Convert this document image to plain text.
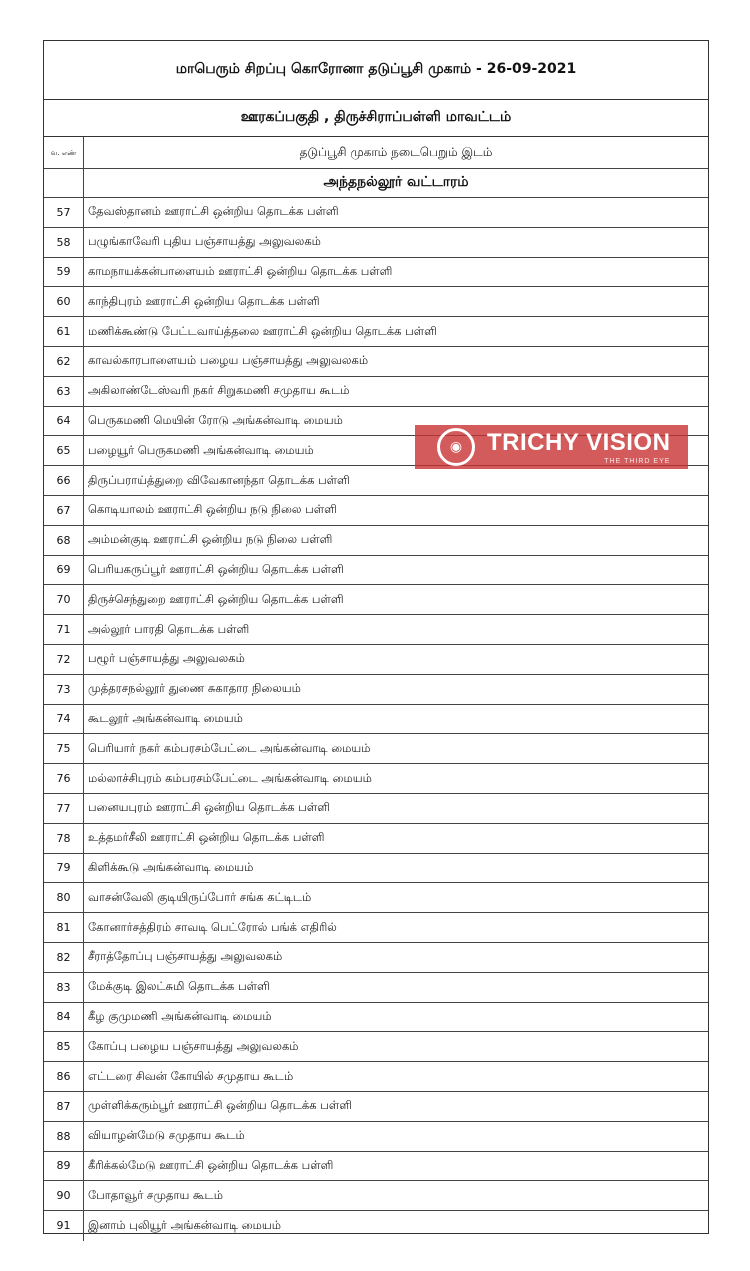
மாபெரும் சிறப்பு கொரோனா தடுப்பூசி முகாம் - 26-09-2021
ஊரகப்பகுதி , திருச்சிராப்பள்ளி மாவட்டம்
வ. எண்	தடுப்பூசி முகாம் நடைபெறும் இடம்
அந்தநல்லூர் வட்டாரம்
57	தேவஸ்தானம் ஊராட்சி ஒன்றிய தொடக்க பள்ளி
58	பழுங்காவேரி புதிய பஞ்சாயத்து அலுவலகம்
59	காமநாயக்கன்பாளையம் ஊராட்சி ஒன்றிய தொடக்க பள்ளி
60	காந்திபுரம் ஊராட்சி ஒன்றிய தொடக்க பள்ளி
61	மணிக்கூண்டு பேட்டவாய்த்தலை ஊராட்சி ஒன்றிய தொடக்க பள்ளி
62	காவல்காரபாளையம் பழைய பஞ்சாயத்து அலுவலகம்
63	அகிலாண்டேஸ்வரி நகர் சிறுகமணி சமுதாய கூடம்
64	பெருகமணி மெயின் ரோடு அங்கன்வாடி மையம்
65	பழையூர் பெருகமணி அங்கன்வாடி மையம்
66	திருப்பராய்த்துறை விவேகானந்தா தொடக்க பள்ளி
67	கொடியாலம் ஊராட்சி ஒன்றிய நடு நிலை பள்ளி
68	அம்மன்குடி ஊராட்சி ஒன்றிய நடு நிலை பள்ளி
69	பெரியகருப்பூர் ஊராட்சி ஒன்றிய தொடக்க பள்ளி
70	திருச்செந்துறை ஊராட்சி ஒன்றிய தொடக்க பள்ளி
71	அல்லூர் பாரதி தொடக்க பள்ளி
72	பழூர் பஞ்சாயத்து அலுவலகம்
73	முத்தரசநல்லூர் துணை சுகாதார நிலையம்
74	கூடலூர் அங்கன்வாடி மையம்
75	பெரியார் நகர் கம்பரசம்பேட்டை அங்கன்வாடி மையம்
76	மல்லாச்சிபுரம் கம்பரசம்பேட்டை அங்கன்வாடி மையம்
77	பனையபுரம் ஊராட்சி ஒன்றிய தொடக்க பள்ளி
78	உத்தமர்சீலி ஊராட்சி ஒன்றிய தொடக்க பள்ளி
79	கிளிக்கூடு அங்கன்வாடி மையம்
80	வாசன்வேலி குடியிருப்போர் சங்க கட்டிடம்
81	கோனார்சத்திரம் சாவடி பெட்ரோல் பங்க் எதிரில்
82	சீராத்தோப்பு பஞ்சாயத்து அலுவலகம்
83	மேக்குடி இலட்சுமி தொடக்க பள்ளி
84	கீழ குமுமணி அங்கன்வாடி மையம்
85	கோப்பு பழைய பஞ்சாயத்து அலுவலகம்
86	எட்டரை சிவன் கோயில் சமுதாய கூடம்
87	முள்ளிக்கரும்பூர் ஊராட்சி ஒன்றிய தொடக்க பள்ளி
88	வியாழன்மேடு சமுதாய கூடம்
89	கீரிக்கல்மேடு ஊராட்சி ஒன்றிய தொடக்க பள்ளி
90	போதாவூர் சமுதாய கூடம்
91	இனாம் புலியூர் அங்கன்வாடி மையம்
◉	TRICHY VISION
THE THIRD EYE
